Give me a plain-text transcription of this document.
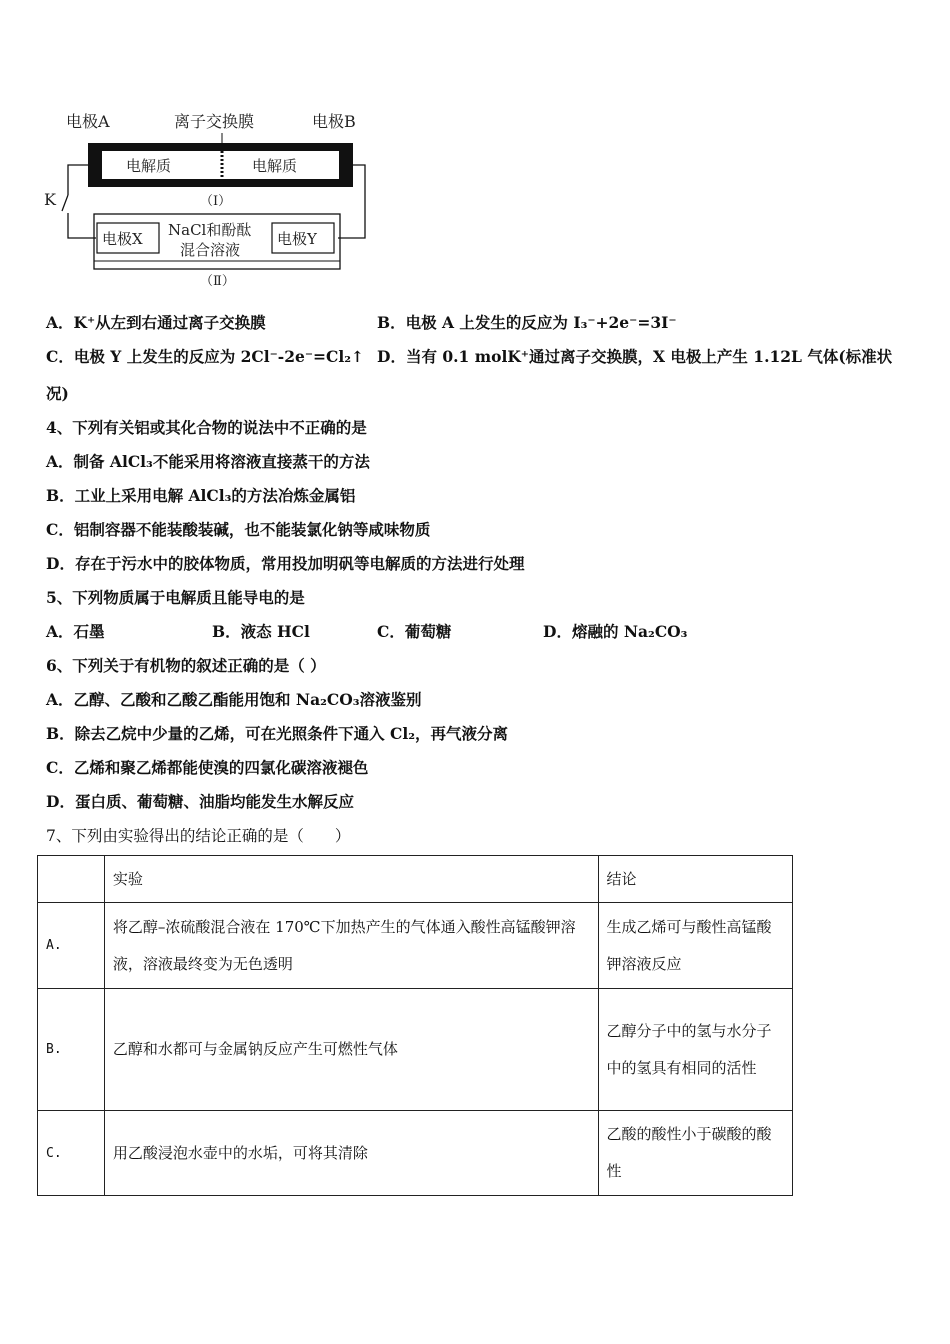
电极A	离子交换膜	电极B
电解质	电解质
（Ⅰ）
K
电极X	电极Y
NaCl和酚酞
混合溶液
（Ⅱ）
A．K⁺从左到右通过离子交换膜	B．电极 A 上发生的反应为 I₃⁻+2e⁻=3I⁻
C．电极 Y 上发生的反应为 2Cl⁻-2e⁻=Cl₂↑ D．当有 0.1 molK⁺通过离子交换膜，X 电极上产生 1.12L 气体(标准状
况)
4、下列有关铝或其化合物的说法中不正确的是
A．制备 AlCl₃不能采用将溶液直接蒸干的方法
B．工业上采用电解 AlCl₃的方法冶炼金属铝
C．铝制容器不能装酸装碱，也不能装氯化钠等咸味物质
D．存在于污水中的胶体物质，常用投加明矾等电解质的方法进行处理
5、下列物质属于电解质且能导电的是
A．石墨	B．液态 HCl	C．葡萄糖	D．熔融的 Na₂CO₃
6、下列关于有机物的叙述正确的是（ ）
A．乙醇、乙酸和乙酸乙酯能用饱和 Na₂CO₃溶液鉴别
B．除去乙烷中少量的乙烯，可在光照条件下通入 Cl₂，再气液分离
C．乙烯和聚乙烯都能使溴的四氯化碳溶液褪色
D．蛋白质、葡萄糖、油脂均能发生水解反应
7、下列由实验得出的结论正确的是（　　）
	实验	结论
A.	将乙醇–浓硫酸混合液在 170℃下加热产生的气体通入酸性高锰酸钾溶液，溶液最终变为无色透明	生成乙烯可与酸性高锰酸钾溶液反应
B.	乙醇和水都可与金属钠反应产生可燃性气体	乙醇分子中的氢与水分子中的氢具有相同的活性
C.	用乙酸浸泡水壶中的水垢，可将其清除	乙酸的酸性小于碳酸的酸性
